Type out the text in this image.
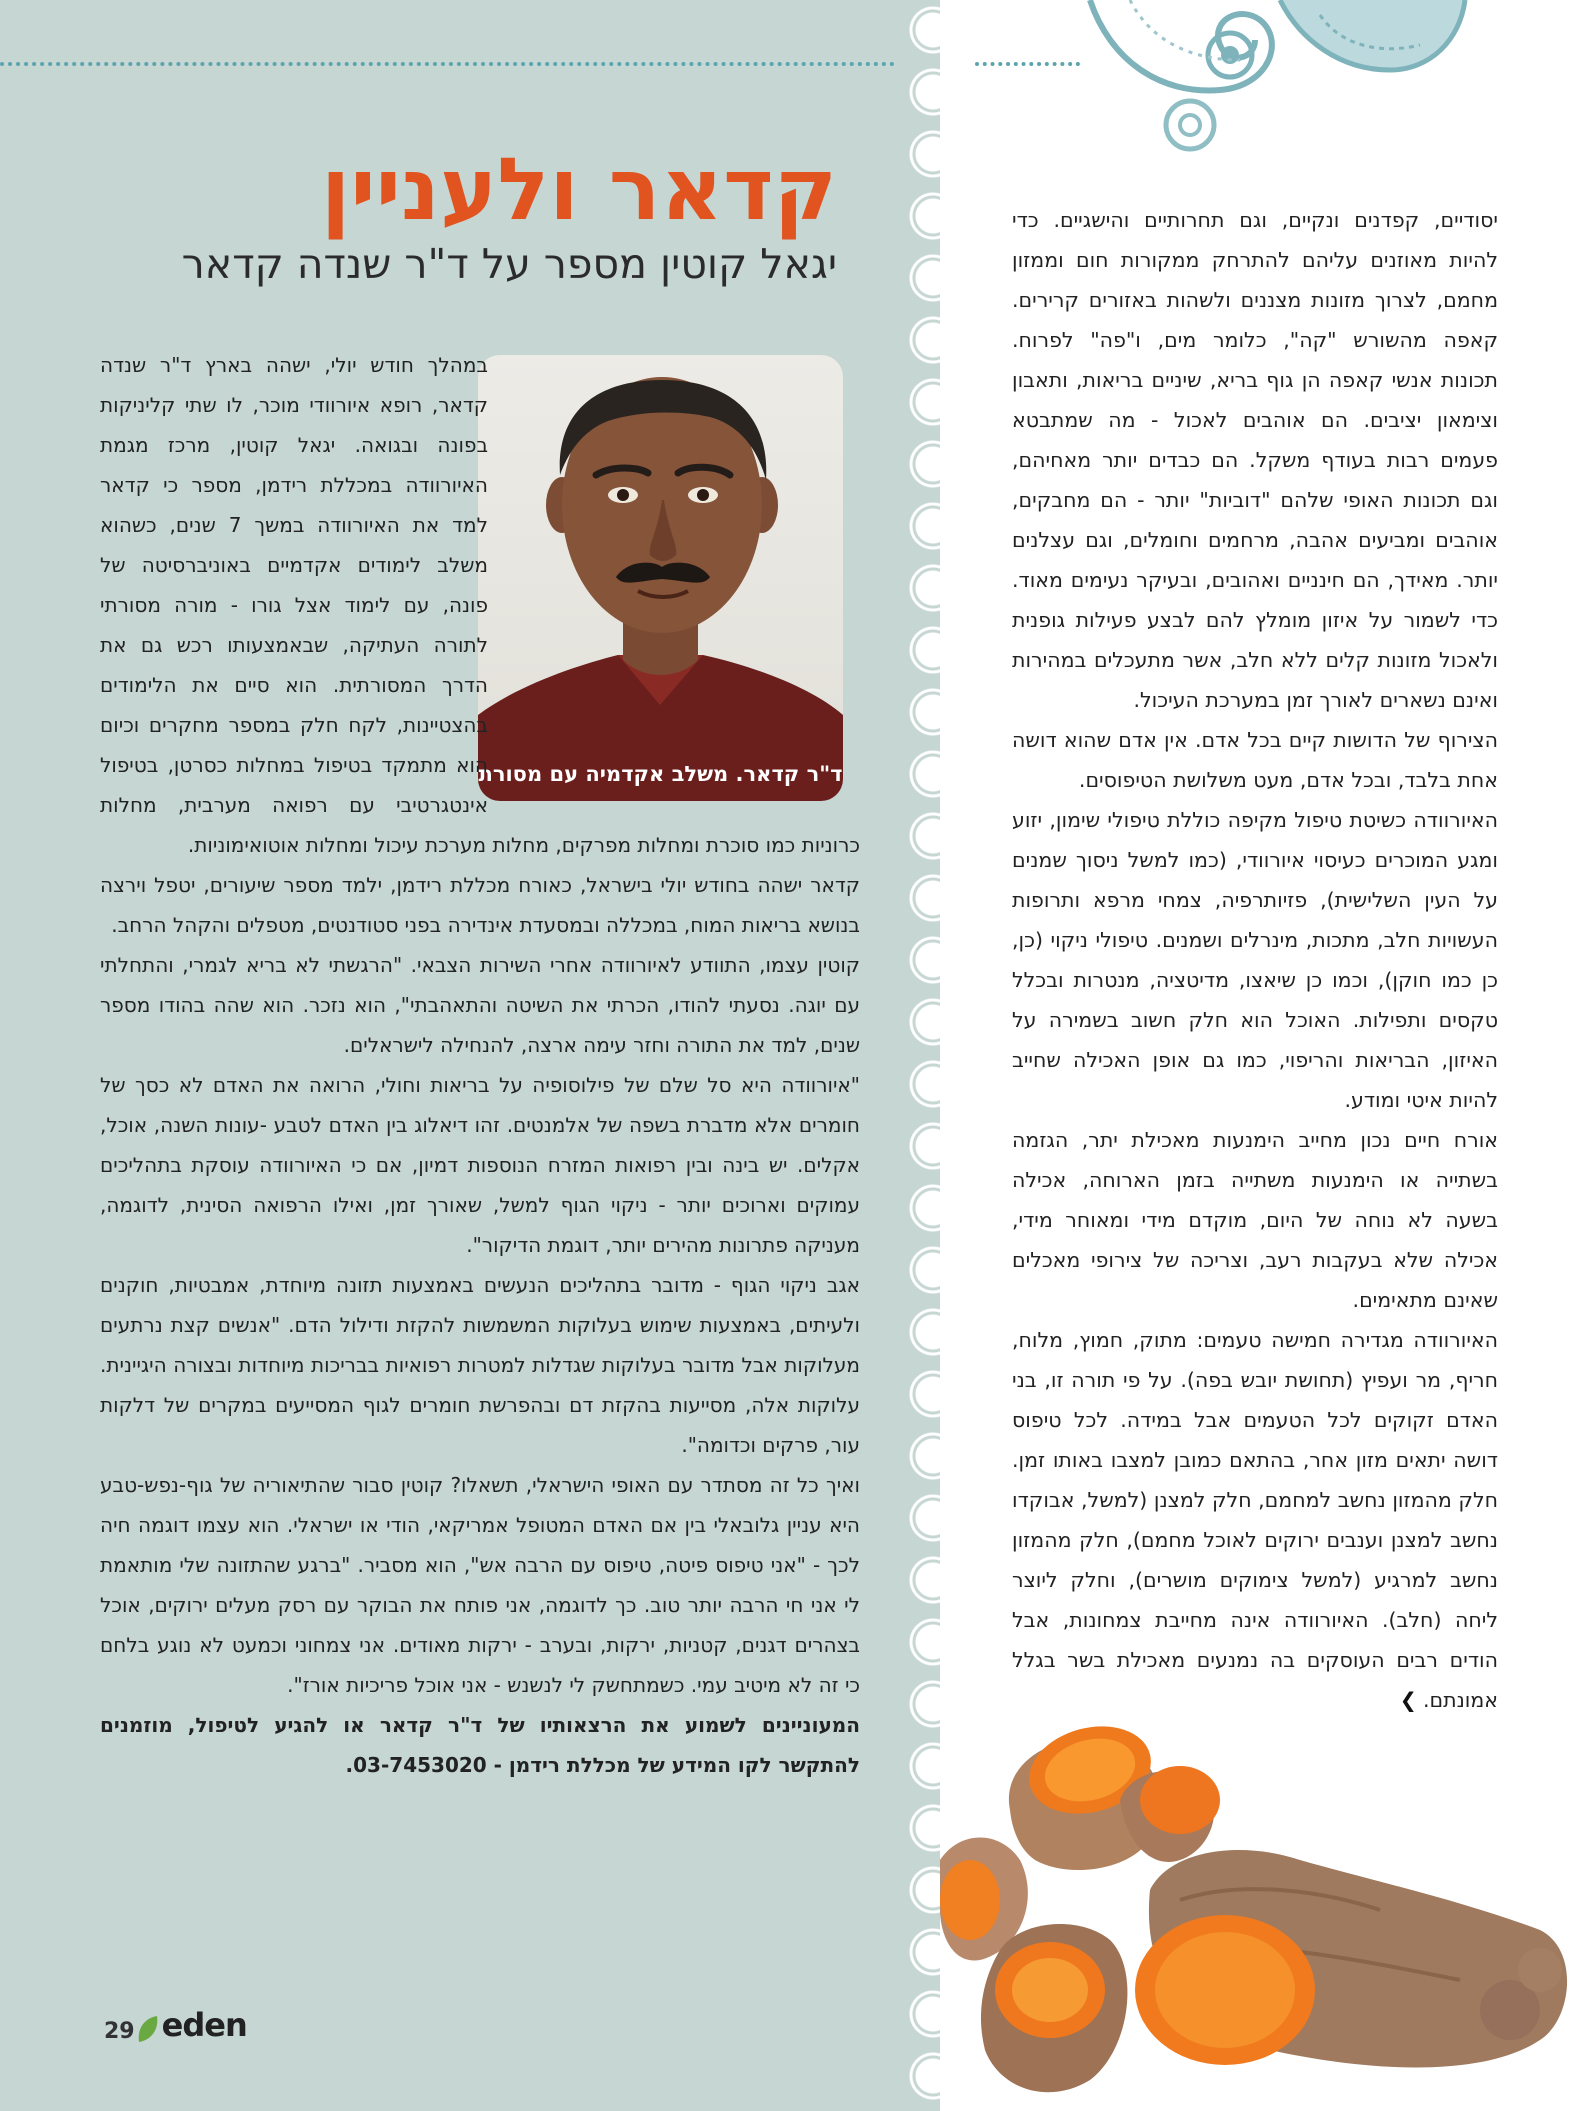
קדאר ולעניין
יגאל קוטין מספר על ד"ר שנדה קדאר
ד"ר קדאר. משלב אקדמיה עם מסורת

במהלך חודש יולי, ישהה בארץ ד"ר שנדה קדאר, רופא איורוודי מוכר, לו שתי קליניקות בפונה ובגואה. יגאל קוטין, מרכז מגמת האיורוודה במכללת רידמן, מספר כי קדאר למד את האיורוודה במשך 7 שנים, כשהוא משלב לימודים אקדמיים באוניברסיטה של פונה, עם לימוד אצל גורו - מורה מסורתי לתורה העתיקה, שבאמצעותו רכש גם את הדרך המסורתית. הוא סיים את הלימודים בהצטיינות, לקח חלק במספר מחקרים וכיום הוא מתמקד בטיפול במחלות כסרטן, בטיפול אינטגרטיבי עם רפואה מערבית, מחלות כרוניות כמו סוכרת ומחלות מפרקים, מחלות מערכת עיכול ומחלות אוטואימוניות.

קדאר ישהה בחודש יולי בישראל, כאורח מכללת רידמן, ילמד מספר שיעורים, יטפל וירצה בנושא בריאות המוח, במכללה ובמסעדת אינדירה בפני סטודנטים, מטפלים והקהל הרחב.

קוטין עצמו, התוודע לאיורוודה אחרי השירות הצבאי. "הרגשתי לא בריא לגמרי, והתחלתי עם יוגה. נסעתי להודו, הכרתי את השיטה והתאהבתי", הוא נזכר. הוא שהה בהודו מספר שנים, למד את התורה וחזר עימה ארצה, להנחילה לישראלים.

"איורוודה היא סל שלם של פילוסופיה על בריאות וחולי, הרואה את האדם לא כסך של חומרים אלא מדברת בשפה של אלמנטים. זהו דיאלוג בין האדם לטבע -עונות השנה, אוכל, אקלים. יש בינה ובין רפואות המזרח הנוספות דמיון, אם כי האיורוודה עוסקת בתהליכים עמוקים וארוכים יותר - ניקוי הגוף למשל, שאורך זמן, ואילו הרפואה הסינית, לדוגמה, מעניקה פתרונות מהירים יותר, דוגמת הדיקור".

אגב ניקוי הגוף - מדובר בתהליכים הנעשים באמצעות תזונה מיוחדת, אמבטיות, חוקנים ולעיתים, באמצעות שימוש בעלוקות המשמשות להקזת ודילול הדם. "אנשים קצת נרתעים מעלוקות אבל מדובר בעלוקות שגדלות למטרות רפואיות בבריכות מיוחדות ובצורה היגיינית. עלוקות אלה, מסייעות בהקזת דם ובהפרשת חומרים לגוף המסייעים במקרים של דלקות עור, פרקים וכדומה".

ואיך כל זה מסתדר עם האופי הישראלי, תשאלו? קוטין סבור שהתיאוריה של גוף-נפש-טבע היא עניין גלובאלי בין אם האדם המטופל אמריקאי, הודי או ישראלי. הוא עצמו דוגמה חיה לכך - "אני טיפוס פיטה, טיפוס עם הרבה אש", הוא מסביר. "ברגע שהתזונה שלי מותאמת לי אני חי הרבה יותר טוב. כך לדוגמה, אני פותח את הבוקר עם רסק מעלים ירוקים, אוכל בצהרים דגנים, קטניות, ירקות, ובערב - ירקות מאודים. אני צמחוני וכמעט לא נוגע בלחם כי זה לא מיטיב עמי. כשמתחשק לי לנשנש - אני אוכל פריכיות אורז".

המעוניינים לשמוע את הרצאותיו של ד"ר קדאר או להגיע לטיפול, מוזמנים להתקשר לקו המידע של מכללת רידמן - 03-7453020.

יסודיים, קפדנים ונקיים, וגם תחרותיים והישגיים. כדי להיות מאוזנים עליהם להתרחק ממקורות חום וממזון מחמם, לצרוך מזונות מצננים ולשהות באזורים קרירים. קאפה מהשורש "קה", כלומר מים, ו"פה" לפרוח. תכונות אנשי קאפה הן גוף בריא, שיניים בריאות, ותאבון וצימאון יציבים. הם אוהבים לאכול - מה שמתבטא פעמים רבות בעודף משקל. הם כבדים יותר מאחיהם, וגם תכונות האופי שלהם "דוביות" יותר - הם מחבקים, אוהבים ומביעים אהבה, מרחמים וחומלים, וגם עצלנים יותר. מאידך, הם חינניים ואהובים, ובעיקר נעימים מאוד. כדי לשמור על איזון מומלץ להם לבצע פעילות גופנית ולאכול מזונות קלים ללא חלב, אשר מתעכלים במהירות ואינם נשארים לאורך זמן במערכת העיכול.

הצירוף של הדושות קיים בכל אדם. אין אדם שהוא דושה אחת בלבד, ובכל אדם, מעט משלושת הטיפוסים.

האיורוודה כשיטת טיפול מקיפה כוללת טיפולי שימון, יזוע ומגע המוכרים כעיסוי איורוודי, (כמו למשל ניסוך שמנים על העין השלישית), פזיותרפיה, צמחי מרפא ותרופות העשויות חלב, מתכות, מינרלים ושמנים. טיפולי ניקוי (כן, כן כמו חוקן), וכמו כן שיאצו, מדיטציה, מנטרות ובכלל טקסים ותפילות. האוכל הוא חלק חשוב בשמירה על האיזון, הבריאות והריפוי, כמו גם אופן האכילה שחייב להיות איטי ומודע.

אורח חיים נכון מחייב הימנעות מאכילת יתר, הגזמה בשתייה או הימנעות משתייה בזמן הארוחה, אכילה בשעה לא נוחה של היום, מוקדם מידי ומאוחר מידי, אכילה שלא בעקבות רעב, וצריכה של צירופי מאכלים שאינם מתאימים.

האיורוודה מגדירה חמישה טעמים: מתוק, חמוץ, מלוח, חריף, מר ועפיץ (תחושת יובש בפה). על פי תורה זו, בני האדם זקוקים לכל הטעמים אבל במידה. לכל טיפוס דושה יתאים מזון אחר, בהתאם כמובן למצבו באותו זמן. חלק מהמזון נחשב למחמם, חלק למצנן (למשל, אבוקדו נחשב למצנן וענבים ירוקים לאוכל מחמם), חלק מהמזון נחשב למרגיע (למשל צימוקים מושרים), וחלק ליוצר ליחה (חלב). האיורוודה אינה מחייבת צמחונות, אבל הודים רבים העוסקים בה נמנעים מאכילת בשר בגלל אמונתם.❯

29 eden
